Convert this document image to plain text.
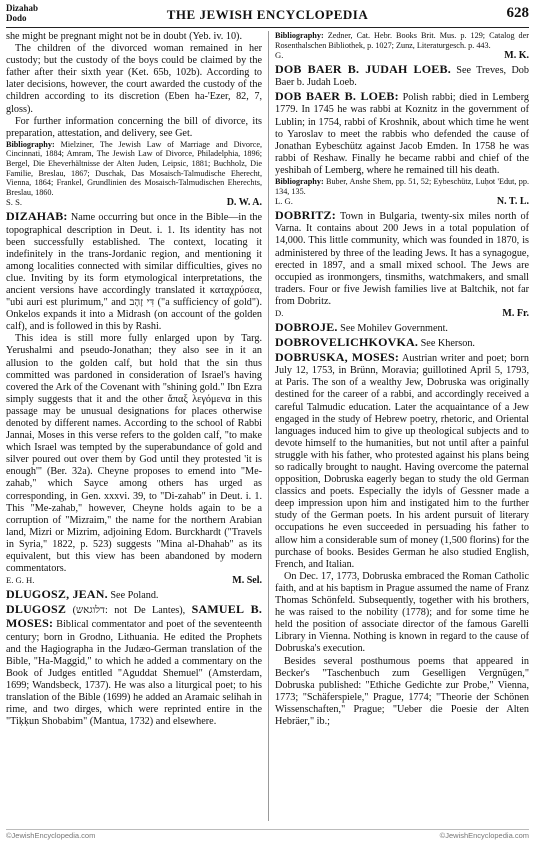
Dizahab
Dodo	THE JEWISH ENCYCLOPEDIA	628

she might be pregnant might not be in doubt (Yeb. iv. 10).

The children of the divorced woman remained in her custody; but the custody of the boys could be claimed by the father after their sixth year (Ket. 65b, 102b). According to later decisions, however, the court awarded the custody of the children according to its discretion (Eben ha-'Ezer, 82, 7, gloss).

For further information concerning the bill of divorce, its preparation, attestation, and delivery, see Get.

Bibliography: Mielziner, The Jewish Law of Marriage and Divorce, Cincinnati, 1884; Amram, The Jewish Law of Divorce, Philadelphia, 1896; Bergel, Die Eheverhältnisse der Alten Juden, Leipsic, 1881; Buchholz, Die Familie, Breslau, 1867; Duschak, Das Mosaisch-Talmudische Eherecht, Vienna, 1864; Frankel, Grundlinien des Mosaisch-Talmudischen Eherechts, Breslau, 1860.

S. S.	D. W. A.

DIZAHAB: Name occurring but once in the Bible—in the topographical description in Deut. i. 1. Its identity has not been successfully established. The context, locating it indefinitely in the trans-Jordanic region, and mentioning it among localities connected with similar difficulties, gives no clue. Inviting by its form etymological interpretations, the ancient versions have accordingly translated it καταχρύσεα, "ubi auri est plurimum," and דִּי זָהָב ("a sufficiency of gold"). Onkelos expands it into a Midrash (on account of the golden calf), and is followed in this by Rashi.

This idea is still more fully enlarged upon by Targ. Yerushalmi and pseudo-Jonathan; they also see in it an allusion to the golden calf, but hold that the sin thus committed was pardoned in consideration of Israel's having covered the Ark of the Covenant with "shining gold." Ibn Ezra simply suggests that it and the other ἅπαξ λεγόμενα in this passage may be unusual designations for places otherwise denoted by different names. According to the school of Rabbi Jannai, Moses in this verse refers to the golden calf, "to make which Israel was tempted by the superabundance of gold and silver poured out over them by God until they protested 'it is enough'" (Ber. 32a). Cheyne proposes to emend into "Me-zahab," which Sayce among others has urged as corresponding, in Gen. xxxvi. 39, to "Di-zahab" in Deut. i. 1. This "Me-zahab," however, Cheyne holds again to be a corruption of "Mizraim," the name for the northern Arabian land, Mizri or Mizrim, adjoining Edom. Burckhardt ("Travels in Syria," 1822, p. 523) suggests "Mina al-Dhahab" as its equivalent, but this view has been abandoned by modern commentators.

E. G. H.	M. Sel.

DLUGOSZ, JEAN. See Poland.

DLUGOSZ (דלוגאש: not De Lantes), SAMUEL B. MOSES: Biblical commentator and poet of the seventeenth century; born in Grodno, Lithuania. He edited the Prophets and the Hagiographa in the Judæo-German translation of the Bible, "Ha-Maggid," to which he added a commentary on the Book of Judges entitled "Aguddat Shemuel" (Amsterdam, 1699; Wandsbeck, 1737). He was also a liturgical poet; to his translation of the Bible (1699) he added an Aramaic selihah in rime, and two dirges, which were reprinted entire in the "Tiḳḳun Shobabim" (Mantua, 1732) and elsewhere.

Bibliography: Zedner, Cat. Hebr. Books Brit. Mus. p. 129; Catalog der Rosenthalschen Bibliothek, p. 1027; Zunz, Literaturgesch. p. 443.

G.	M. K.

DOB BAER B. JUDAH LOEB. See Treves, Dob Baer b. Judah Loeb.

DOB BAER B. LOEB: Polish rabbi; died in Lemberg 1779. In 1745 he was rabbi at Koznitz in the government of Lublin; in 1754, rabbi of Kroshnik, about which time he went to Yaroslav to meet the rabbis who defended the cause of Jonathan Eybeschütz against Jacob Emden. In 1758 he was rabbi of Reshaw. Finally he became rabbi and chief of the yeshibah of Lemberg, where he remained till his death.

Bibliography: Buber, Anshe Shem, pp. 51, 52; Eybeschütz, Luḥot 'Edut, pp. 134, 135.

L. G.	N. T. L.

DOBRITZ: Town in Bulgaria, twenty-six miles north of Varna. It contains about 200 Jews in a total population of 14,000. This little community, which was founded in 1870, is administered by three of the leading Jews. It has a synagogue, erected in 1897, and a small mixed school. The Jews are occupied as ironmongers, tinsmiths, watchmakers, and small traders. Four or five Jewish families live at Baltchik, not far from Dobritz.

D.	M. Fr.

DOBROJE. See Mohilev Government.

DOBROVELICHKOVKA. See Kherson.

DOBRUSKA, MOSES: Austrian writer and poet; born July 12, 1753, in Brünn, Moravia; guillotined April 5, 1793, at Paris. The son of a wealthy Jew, Dobruska was originally destined for the career of a rabbi, and accordingly received a careful Talmudic education. Later the acquaintance of a Jew engaged in the study of Hebrew poetry, rhetoric, and Oriental languages induced him to give up theological subjects and to devote himself to the humanities, but not until after a painful struggle with his father, who protested against his plans being so radically brought to naught. Having overcome the paternal opposition, Dobruska eagerly began to study the old German classics and poets. Especially the idyls of Gessner made a deep impression upon him and instigated him to the further study of the German poets. In his ardent pursuit of literary occupations he even succeeded in persuading his father to allow him a considerable sum of money (1,500 florins) for the purchase of books. Besides German he also studied English, French, and Italian.

On Dec. 17, 1773, Dobruska embraced the Roman Catholic faith, and at his baptism in Prague assumed the name of Franz Thomas Schönfeld. Subsequently, together with his brothers, he was raised to the nobility (1778); and for some time he held the position of associate director of the famous Garelli Library in Vienna. Nothing is known in regard to the cause of Dobruska's execution.

Besides several posthumous poems that appeared in Becker's "Taschenbuch zum Geselligen Vergnügen," Dobruska published: "Ethiche Gedichte zur Probe," Vienna, 1773; "Schäferspiele," Prague, 1774; "Theorie der Schönen Wissenschaften," Prague; "Ueber die Poesie der Alten Hebräer," ib.;

©JewishEncyclopedia.com	©JewishEncyclopedia.com
